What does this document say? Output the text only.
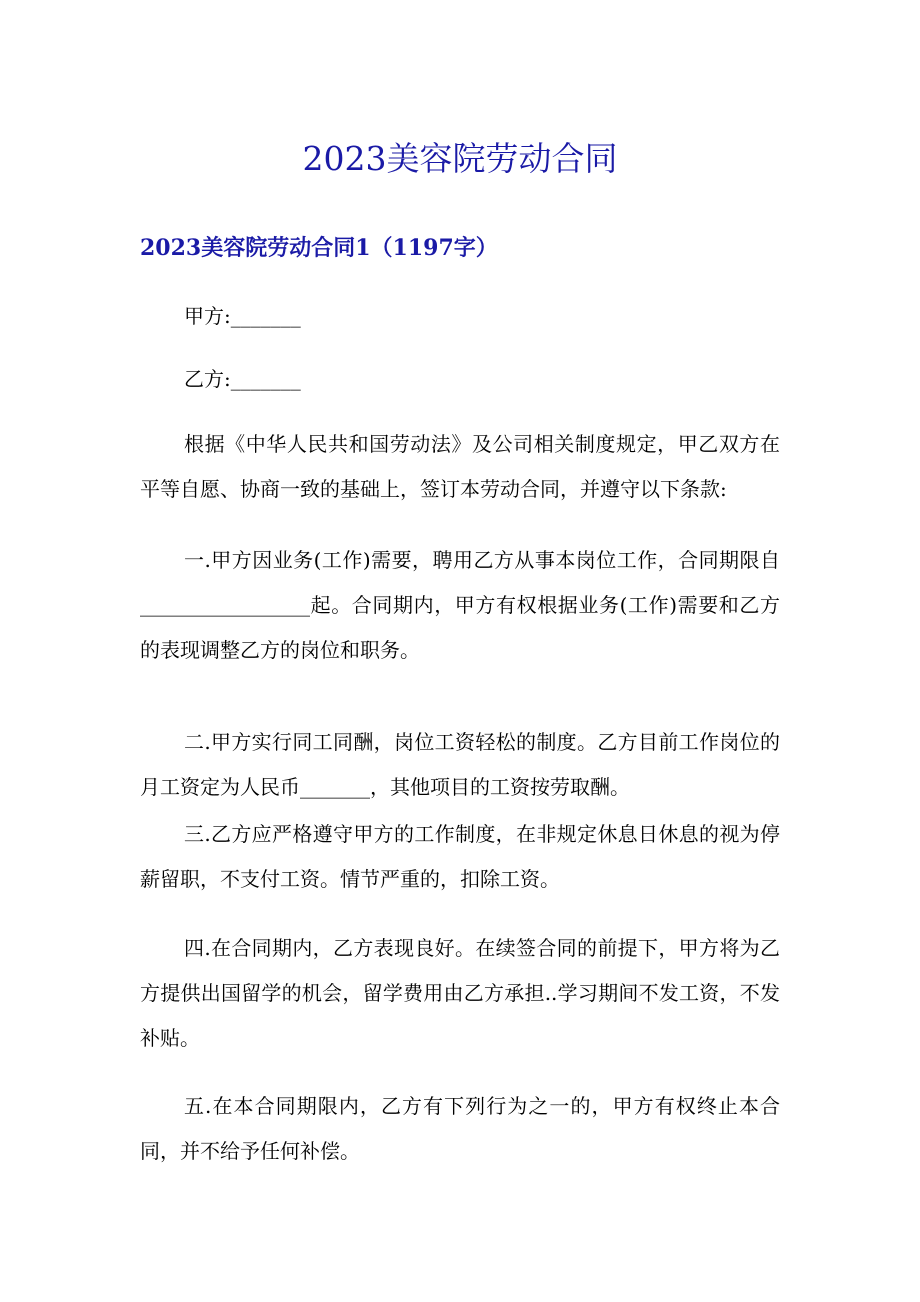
2023美容院劳动合同
2023美容院劳动合同1（1197字）

甲方:_______

乙方:_______

根据《中华人民共和国劳动法》及公司相关制度规定，甲乙双方在平等自愿、协商一致的基础上，签订本劳动合同，并遵守以下条款:

一.甲方因业务(工作)需要，聘用乙方从事本岗位工作，合同期限自_________________起。合同期内，甲方有权根据业务(工作)需要和乙方的表现调整乙方的岗位和职务。

二.甲方实行同工同酬，岗位工资轻松的制度。乙方目前工作岗位的月工资定为人民币_______，其他项目的工资按劳取酬。

三.乙方应严格遵守甲方的工作制度，在非规定休息日休息的视为停薪留职，不支付工资。情节严重的，扣除工资。

四.在合同期内，乙方表现良好。在续签合同的前提下，甲方将为乙方提供出国留学的机会，留学费用由乙方承担..学习期间不发工资，不发补贴。

五.在本合同期限内，乙方有下列行为之一的，甲方有权终止本合同，并不给予任何补偿。
